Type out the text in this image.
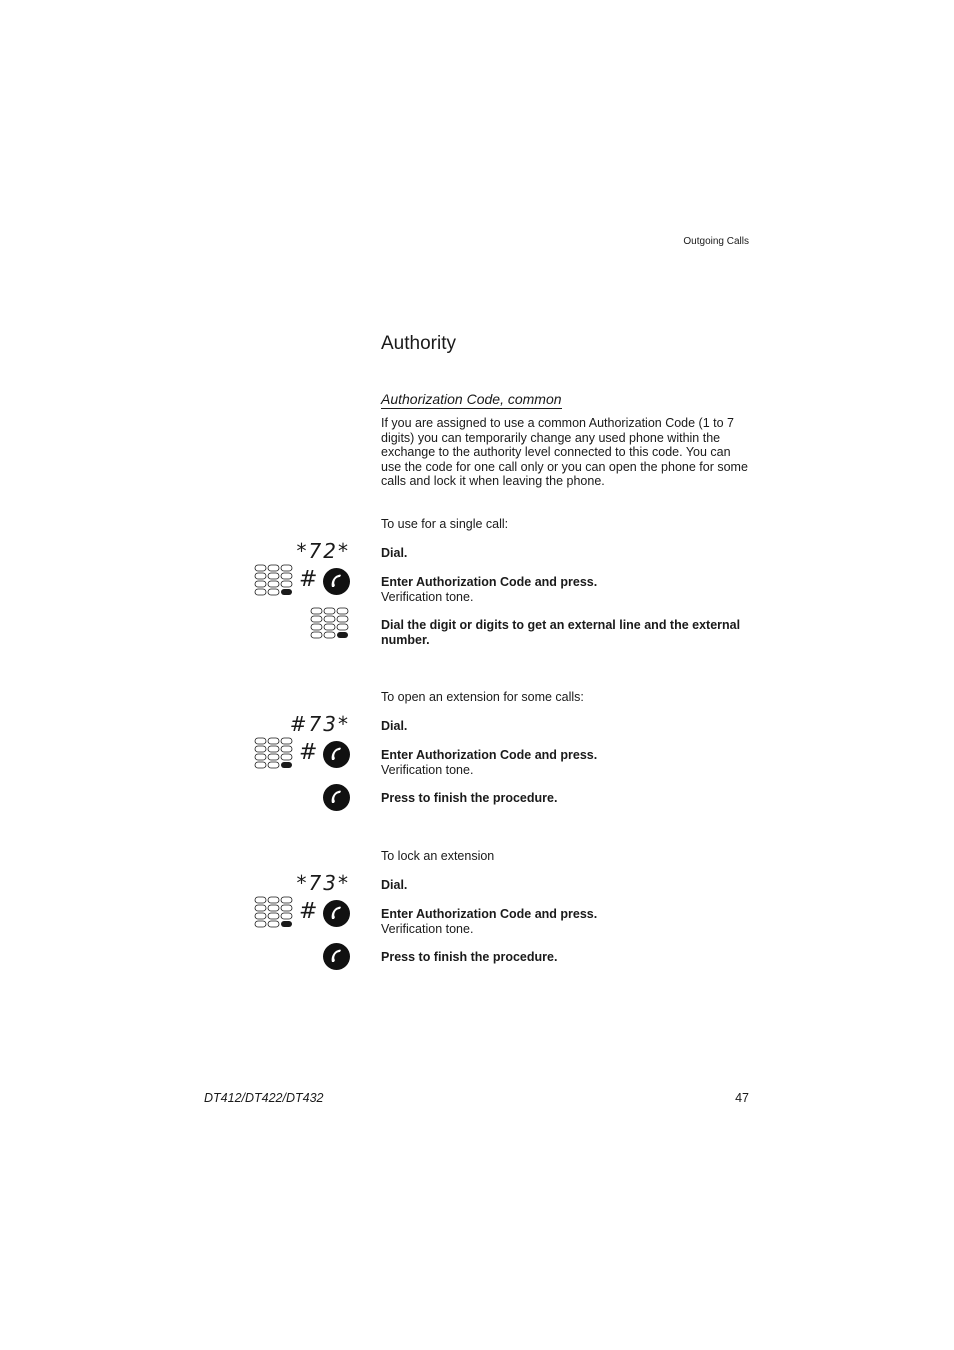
Outgoing Calls
Authority
Authorization Code, common
If you are assigned to use a common Authorization Code (1 to 7 digits) you can temporarily change any used phone within the exchange to the authority level connected to this code. You can use the code for one call only or you can open the phone for some calls and lock it when leaving the phone.
To use for a single call:
*72* Dial.
#	Enter Authorization Code and press.
Verification tone.
Dial the digit or digits to get an external line and the external number.
To open an extension for some calls:
#73* Dial.
#	Enter Authorization Code and press.
Verification tone.
Press to finish the procedure.
To lock an extension
*73* Dial.
#	Enter Authorization Code and press.
Verification tone.
Press to finish the procedure.
DT412/DT422/DT432	47
